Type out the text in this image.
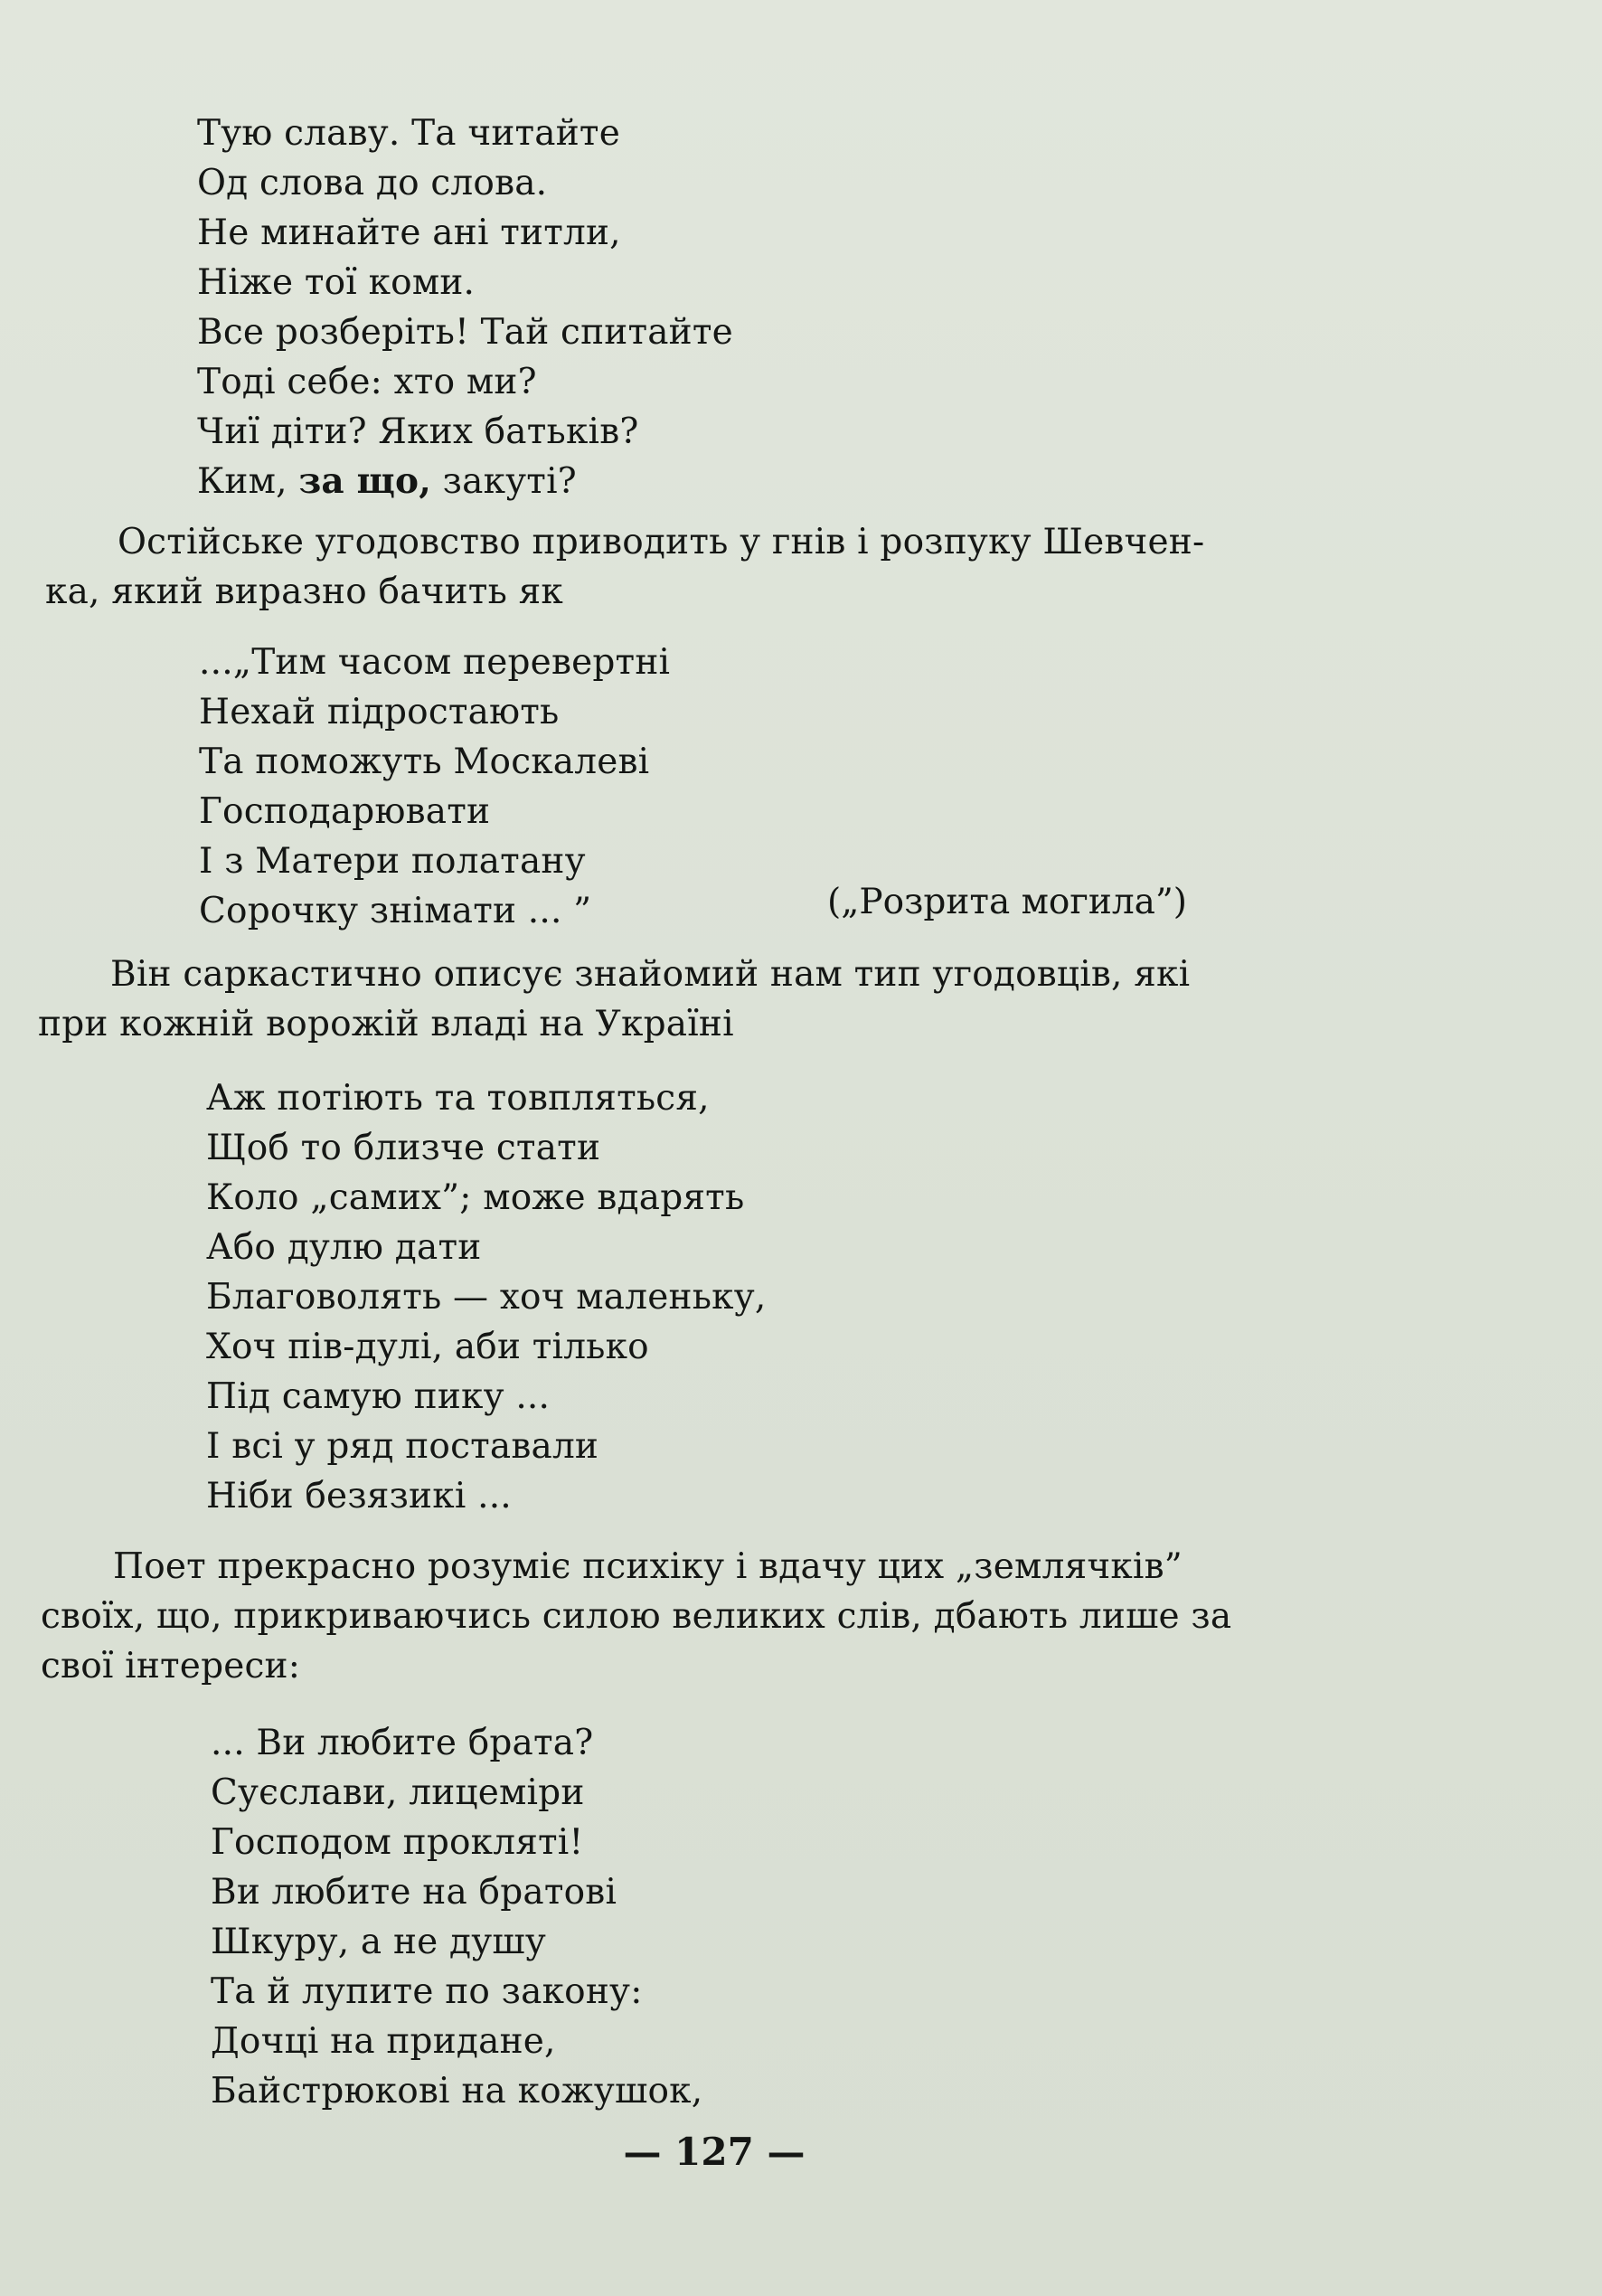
Тую славу. Та читайте
Од слова до слова.
Не минайте ані титли,
Ніже тої коми.
Все розберіть! Тай спитайте
Тоді себе: хто ми?
Чиї діти? Яких батьків?
Ким, за що, закуті?

Остійське угодовство приводить у гнів і розпуку Шевчен-
ка, який виразно бачить як

...„Тим часом перевертні
Нехай підростають
Та поможуть Москалеві
Господарювати
І з Матери полатану
Сорочку знімати ... ”	(„Розрита могила”)

Він саркастично описує знайомий нам тип угодовців, які
при кожній ворожій владі на Україні

Аж потіють та товпляться,
Щоб то близче стати
Коло „самих”; може вдарять
Або дулю дати
Благоволять — хоч маленьку,
Хоч пів-дулі, аби тілько
Під самую пику ...
І всі у ряд поставали
Ніби безязикі ...

Поет прекрасно розуміє психіку і вдачу цих „землячків”
своїх, що, прикриваючись силою великих слів, дбають лише за
свої інтереси:

... Ви любите брата?
Суєслави, лицеміри
Господом прокляті!
Ви любите на братові
Шкуру, а не душу
Та й лупите по закону:
Дочці на придане,
Байстрюкові на кожушок,
— 127 —
